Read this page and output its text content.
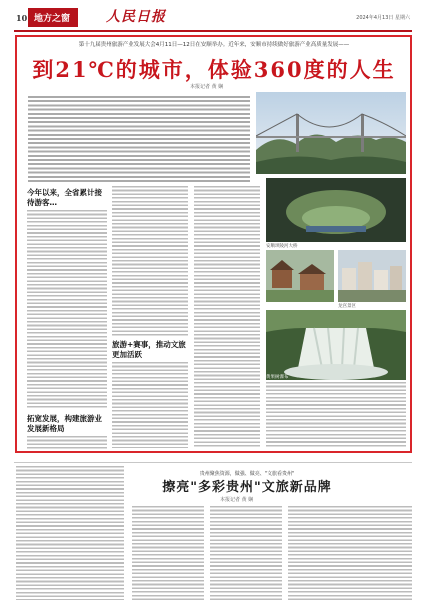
10 地方之窗	人民日报	2024年4月13日 星期六
第十九届贵州旅游产业发展大会4月11日—12日在安顺举办。近年来，安顺市持续做好旅游产业高质量发展——
到21℃的城市，体验360度的人生
本报记者 黄 娴
今年以来，全省累计接待游客…
拓宽发展，构建旅游业发展新格局
旅游+赛事，推动文旅更加活跃
安顺坝陵河大桥
龙宫景区
黄果树瀑布
贵州聚焦资源，做强、做亮、"文旅看贵州"
擦亮"多彩贵州"文旅新品牌
本报记者 黄 娴
